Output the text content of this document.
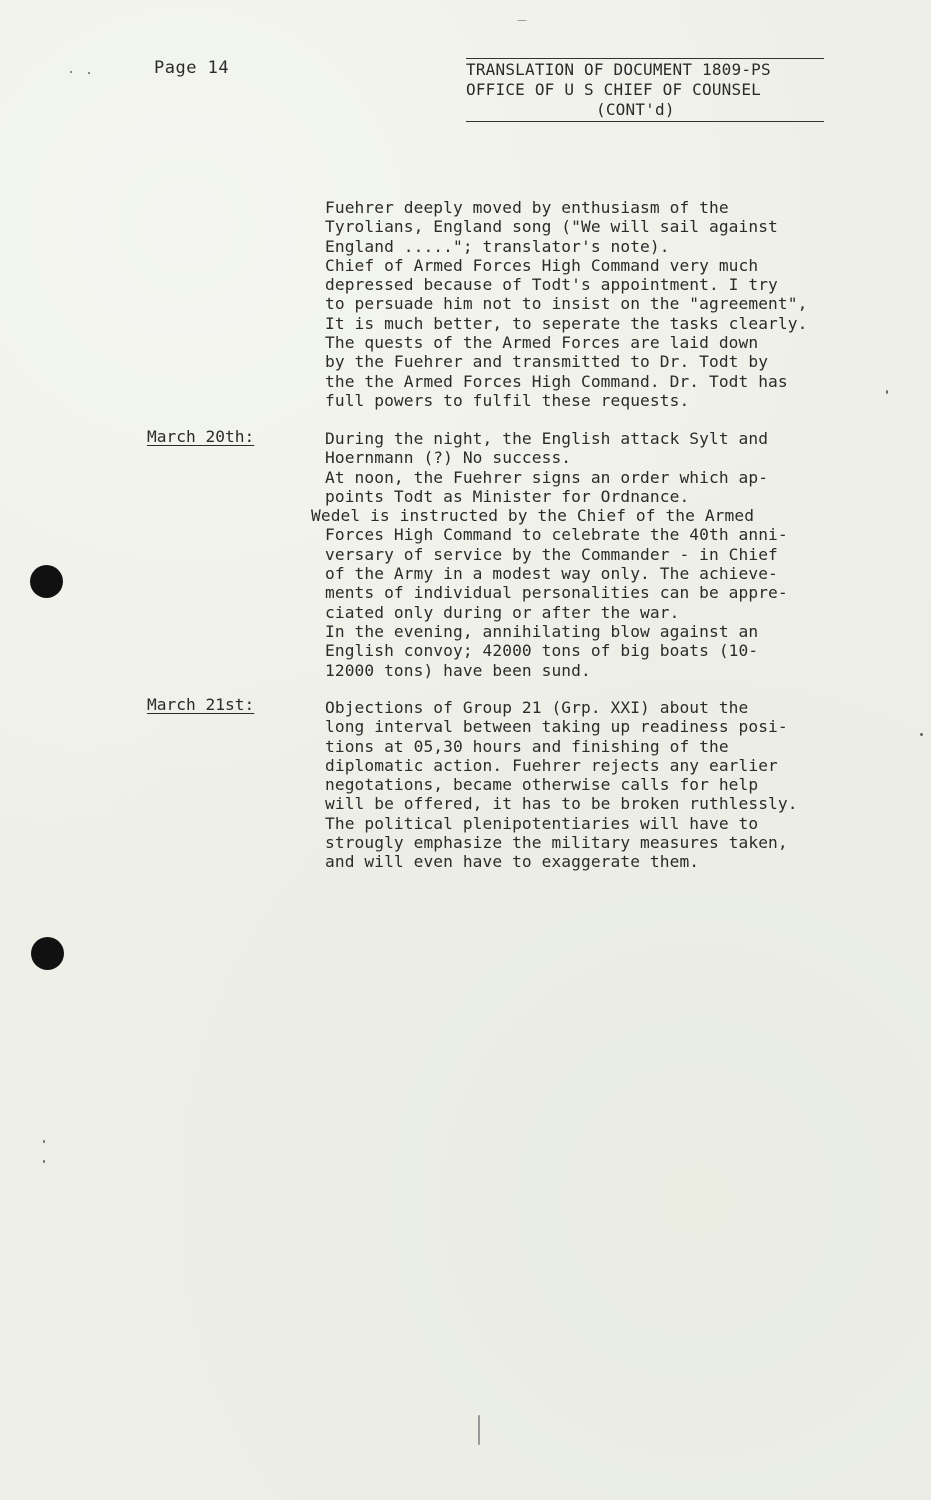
Page 14	TRANSLATION OF DOCUMENT 1809-PS
OFFICE OF U S CHIEF OF COUNSEL
(CONT'd)
Fuehrer deeply moved by enthusiasm of the
Tyrolians, England song ("We will sail against
England ....."; translator's note).
Chief of Armed Forces High Command very much
depressed because of Todt's appointment. I try
to persuade him not to insist on the "agreement",
It is much better, to seperate the tasks clearly.
The quests of the Armed Forces are laid down
by the Fuehrer and transmitted to Dr. Todt by
the the Armed Forces High Command. Dr. Todt has
full powers to fulfil these requests.
March 20th:	During the night, the English attack Sylt and
Hoernmann (?) No success.
At noon, the Fuehrer signs an order which ap-
points Todt as Minister for Ordnance.
Wedel is instructed by the Chief of the Armed
Forces High Command to celebrate the 40th anni-
versary of service by the Commander - in Chief
of the Army in a modest way only. The achieve-
ments of individual personalities can be appre-
ciated only during or after the war.
In the evening, annihilating blow against an
English convoy; 42000 tons of big boats (10-
12000 tons) have been sund.
March 21st:	Objections of Group 21 (Grp. XXI) about the
long interval between taking up readiness posi-
tions at 05,30 hours and finishing of the
diplomatic action. Fuehrer rejects any earlier
negotations, became otherwise calls for help
will be offered, it has to be broken ruthlessly.
The political plenipotentiaries will have to
strougly emphasize the military measures taken,
and will even have to exaggerate them.
